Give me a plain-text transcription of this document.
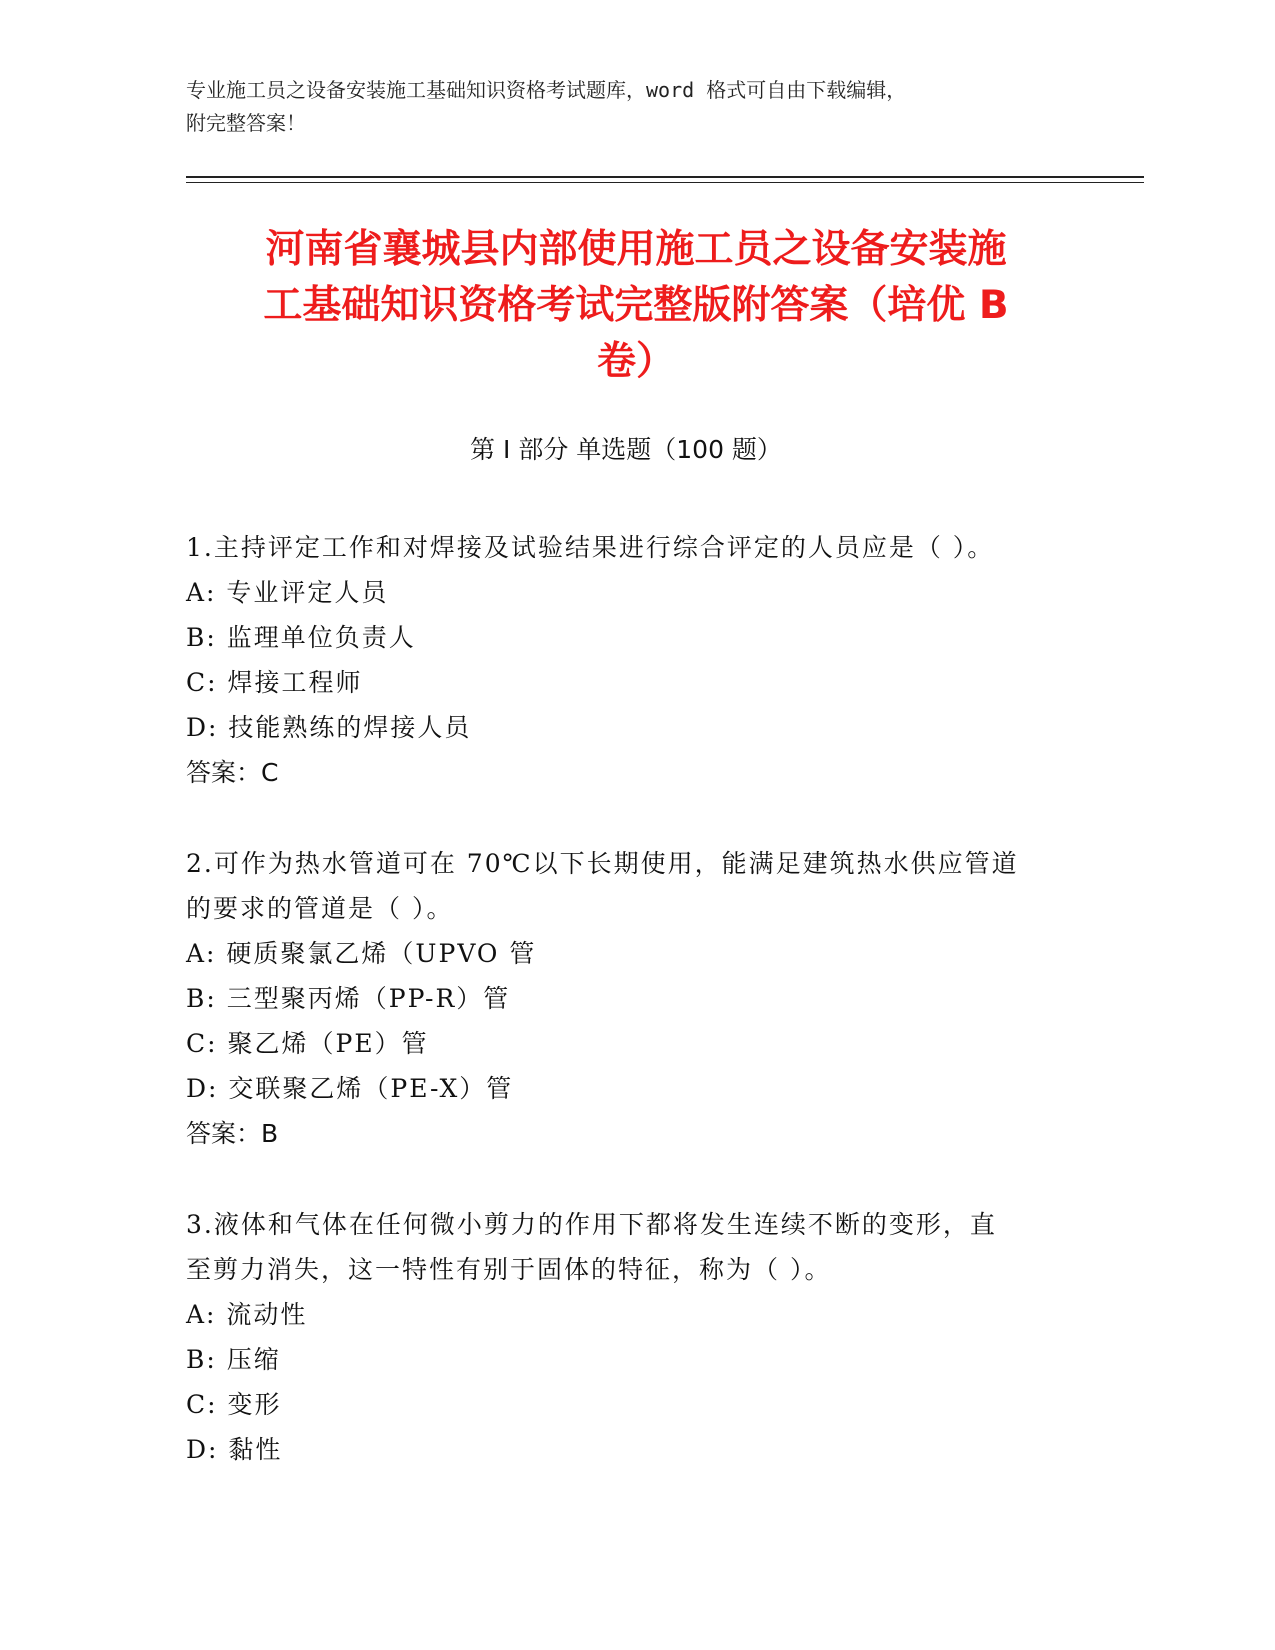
专业施工员之设备安装施工基础知识资格考试题库，word 格式可自由下载编辑，
附完整答案！
河南省襄城县内部使用施工员之设备安装施
工基础知识资格考试完整版附答案（培优 B
卷）
第 I 部分 单选题（100 题）
1.主持评定工作和对焊接及试验结果进行综合评定的人员应是（ ）。
A: 专业评定人员
B: 监理单位负责人
C: 焊接工程师
D: 技能熟练的焊接人员
答案：C
2.可作为热水管道可在 70℃以下长期使用，能满足建筑热水供应管道
的要求的管道是（ ）。
A: 硬质聚氯乙烯（UPVO 管
B: 三型聚丙烯（PP-R）管
C: 聚乙烯（PE）管
D: 交联聚乙烯（PE-X）管
答案：B
3.液体和气体在任何微小剪力的作用下都将发生连续不断的变形，直
至剪力消失，这一特性有别于固体的特征，称为（ ）。
A: 流动性
B: 压缩
C: 变形
D: 黏性
